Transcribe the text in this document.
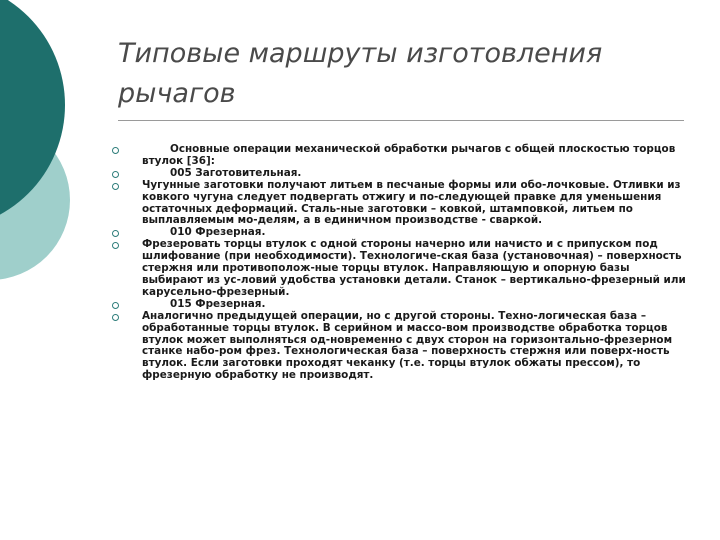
Типовые маршруты изготовления рычагов
Основные операции механической обработки рычагов с общей плоскостью торцов втулок [36]:
005 Заготовительная.
Чугунные заготовки получают литьем в песчаные формы или обо-лочковые. Отливки из ковкого чугуна следует подвергать отжигу и по-следующей правке для уменьшения остаточных деформаций. Сталь-ные заготовки – ковкой, штамповкой, литьем по выплавляемым мо-делям, а в единичном производстве - сваркой.
010 Фрезерная.
Фрезеровать торцы втулок с одной стороны начерно или начисто и с припуском под шлифование (при необходимости). Технологиче-ская база (установочная) – поверхность стержня или противополож-ные торцы втулок. Направляющую и опорную базы выбирают из ус-ловий удобства установки детали. Станок – вертикально-фрезерный или карусельно-фрезерный.
015 Фрезерная.
Аналогично предыдущей операции, но с другой стороны. Техно-логическая база – обработанные торцы втулок. В серийном и массо-вом производстве обработка торцов втулок может выполняться од-новременно с двух сторон на горизонтально-фрезерном станке набо-ром фрез. Технологическая база – поверхность стержня или поверх-ность втулок. Если заготовки проходят чеканку (т.е. торцы втулок обжаты прессом), то фрезерную обработку не производят.
